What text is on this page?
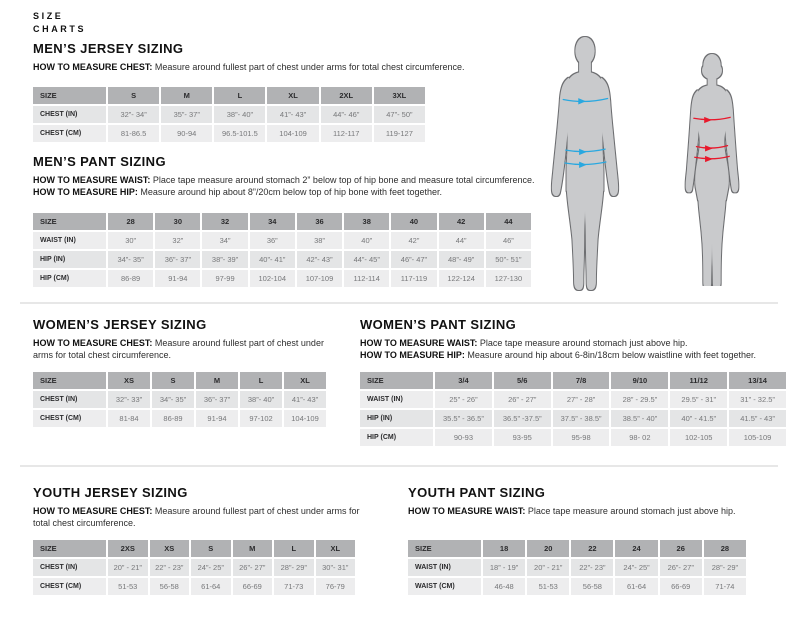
SIZE
CHARTS
MEN’S JERSEY SIZING

HOW TO MEASURE CHEST: Measure around fullest part of chest under arms for total chest circumference.

SIZE	S	M	L	XL	2XL	3XL
CHEST (IN)	32”- 34”	35”- 37”	38”- 40”	41”- 43”	44”- 46”	47”- 50”
CHEST (CM)	81-86.5	90-94	96.5-101.5	104-109	112-117	119-127
MEN’S PANT SIZING

HOW TO MEASURE WAIST: Place tape measure around stomach 2” below top of hip bone and measure total circumference.

HOW TO MEASURE HIP: Measure around hip about 8”/20cm below top of hip bone with feet together.

SIZE	28	30	32	34	36	38	40	42	44
WAIST (IN)	30”	32”	34”	36”	38”	40”	42”	44”	46”
HIP (IN)	34”- 35”	36”- 37”	38”- 39”	40”- 41”	42”- 43”	44”- 45”	46”- 47”	48”- 49”	50”- 51”
HIP (CM)	86-89	91-94	97-99	102-104	107-109	112-114	117-119	122-124	127-130
WOMEN’S JERSEY SIZING

HOW TO MEASURE CHEST: Measure around fullest part of chest under arms for total chest circumference.

SIZE	XS	S	M	L	XL
CHEST (IN)	32”- 33”	34”- 35”	36”- 37”	38”- 40”	41”- 43”
CHEST (CM)	81-84	86-89	91-94	97-102	104-109
WOMEN’S PANT SIZING

HOW TO MEASURE WAIST: Place tape measure around stomach just above hip.

HOW TO MEASURE HIP: Measure around hip about 6-8in/18cm below waistline with feet together.

SIZE	3/4	5/6	7/8	9/10	11/12	13/14
WAIST (IN)	25” - 26”	26” - 27”	27” - 28”	28” - 29.5”	29.5” - 31”	31” - 32.5”
HIP (IN)	35.5” - 36.5”	36.5” -37.5”	37.5” - 38.5”	38.5” - 40”	40” - 41.5”	41.5” - 43”
HIP (CM)	90-93	93-95	95-98	98- 02	102-105	105-109
YOUTH JERSEY SIZING

HOW TO MEASURE CHEST: Measure around fullest part of chest under arms for total chest circumference.

SIZE	2XS	XS	S	M	L	XL
CHEST (IN)	20” - 21”	22” - 23”	24”- 25”	26”- 27”	28”- 29”	30”- 31”
CHEST (CM)	51-53	56-58	61-64	66-69	71-73	76-79
YOUTH PANT SIZING

HOW TO MEASURE WAIST: Place tape measure around stomach just above hip.

SIZE	18	20	22	24	26	28
WAIST (IN)	18” - 19”	20” - 21”	22”- 23”	24”- 25”	26”- 27”	28”- 29”
WAIST (CM)	46-48	51-53	56-58	61-64	66-69	71-74
